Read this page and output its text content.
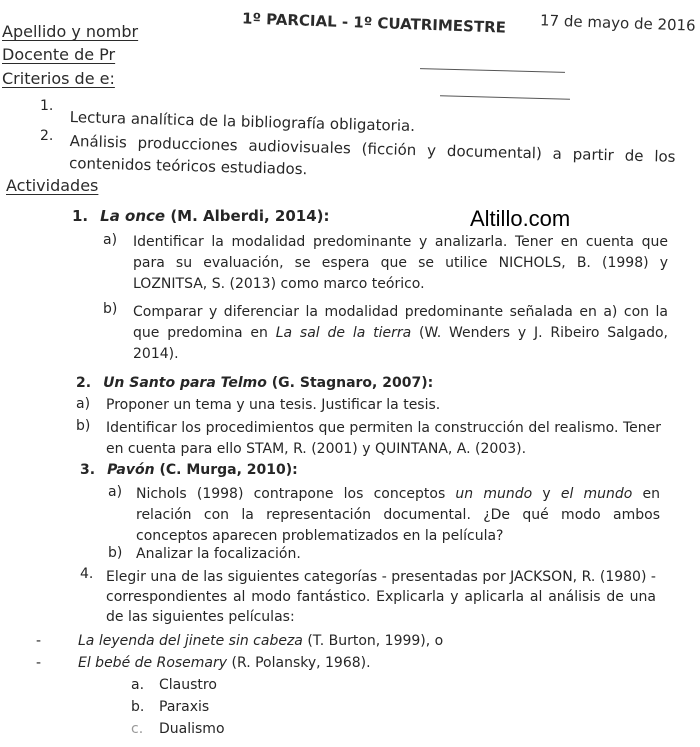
1º PARCIAL - 1º CUATRIMESTRE 17 de mayo de 2016
Apellido y nombr
Docente de Pr
Criterios de e:
1.
Lectura analítica de la bibliografía obligatoria.
2. Análisis producciones audiovisuales (ficción y documental) a partir de los contenidos teóricos estudiados.
Actividades
Altillo.com
1. La once (M. Alberdi, 2014):
a) Identificar la modalidad predominante y analizarla. Tener en cuenta que para su evaluación, se espera que se utilice NICHOLS, B. (1998) y LOZNITSA, S. (2013) como marco teórico.
b) Comparar y diferenciar la modalidad predominante señalada en a) con la que predomina en La sal de la tierra (W. Wenders y J. Ribeiro Salgado, 2014).
2. Un Santo para Telmo (G. Stagnaro, 2007):
a) Proponer un tema y una tesis. Justificar la tesis.
b) Identificar los procedimientos que permiten la construcción del realismo. Tener en cuenta para ello STAM, R. (2001) y QUINTANA, A. (2003).
3. Pavón (C. Murga, 2010):
a) Nichols (1998) contrapone los conceptos un mundo y el mundo en relación con la representación documental. ¿De qué modo ambos conceptos aparecen problematizados en la película?
b) Analizar la focalización.
4. Elegir una de las siguientes categorías - presentadas por JACKSON, R. (1980) - correspondientes al modo fantástico. Explicarla y aplicarla al análisis de una de las siguientes películas:
-	La leyenda del jinete sin cabeza (T. Burton, 1999), o
-	El bebé de Rosemary (R. Polansky, 1968).
a. Claustro
b. Paraxis
c. Dualismo
